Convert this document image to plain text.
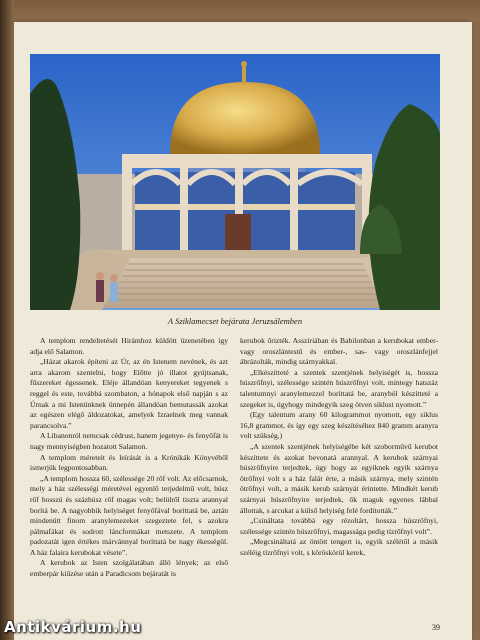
A Sziklamecset bejárata Jeruzsálemben

A templom rendeltetését Hirámhoz küldött üzenetében így adja elő Salamon.

„Házat akarok építeni az Úr, az én Istenem nevének, és azt arra akarom szentelni, hogy Előtte jó illatot gyújtsanak, fűszereket égessenek. Eléje állandóan kenyereket tegyenek s reggel és este, továbbá szombaton, a hónapok első napján s az Úrnak a mi Istenünknek ünnepén állandóan bemutassák azokat az egészen elégő áldozatokat, amelyek Izraelnek meg vannak parancsolva.”

A Libanonról nemcsak cédrust, hanem jegenye- és fenyőfát is nagy mennyiségben hozatott Salamon.

A templom méreteit és leírását is a Krónikák Könyvéből ismerjük legpontosabban.

„A templom hossza 60, szélessége 20 rőf volt. Az előcsarnok, mely a ház szélességi méretével egyenlő terjedelmű volt, húsz rőf hosszú és százhúsz rőf magas volt; belülről tiszta arannyal borítá be. A nagyobbik helyiséget fenyőfával boríttatá be, aztán mindenütt finom aranylemezeket szegeztete fel, s azokra pálmafákat és sodrott láncformákat metszete. A templom padozatát igen értékes márvánnyal boríttatá be nagy ékességül. A ház falaira kerubokat vésete”.

A kerubok az Isten szolgálatában álló lények; az első emberpár kiűzése után a Paradicsom bejáratát is

kerubok őrizték. Asszíriában és Babilonban a kerubokat ember- vagy oroszlántestű és ember-, sas- vagy oroszlánfejjel ábrázolták, mindig szárnyakkal.

„Elkészítteté a szentek szentjének helyiségét is, hossza húszrőfnyi, szélessége szintén húszrőfnyi volt, mintegy hatszáz talentumnyi aranylemezzel boríttatá be, aranyból készítteté a szegeket is, úgyhogy mindegyik szeg ötven siklust nyomott.”

(Egy talentum arany 60 kilogrammot nyomott, egy siklus 16,8 grammot, és így egy szeg készítéséhez 840 gramm aranyra volt szükség.)

„A szentek szentjének helyiségébe két szoborművű kerubot készíttete és azokat bevonatá arannyal. A kerubok szárnyai húszrőfnyire terjedtek, úgy hogy az egyiknek egyik szárnya ötrőfnyi volt s a ház falát érte, a másik szárnya, mely szintén ötrőfnyi volt, a másik kerub szárnyát érintette. Mindkét kerub szárnyai húszrőfnyire terjedtek, ők maguk egyenes lábbal állottak, s arcukat a külső helyiség felé fordították.”

„Csináltata továbbá egy rézoltárt, hossza húszrőfnyi, szélessége szintén húszrőfnyi, magassága pedig tízrőfnyi volt”.

„Megcsináltatá az öntött tengert is, egyik szélétől a másik széléig tízrőfnyi volt, s köröskörül kerek,

39
Antikvárium.hu
